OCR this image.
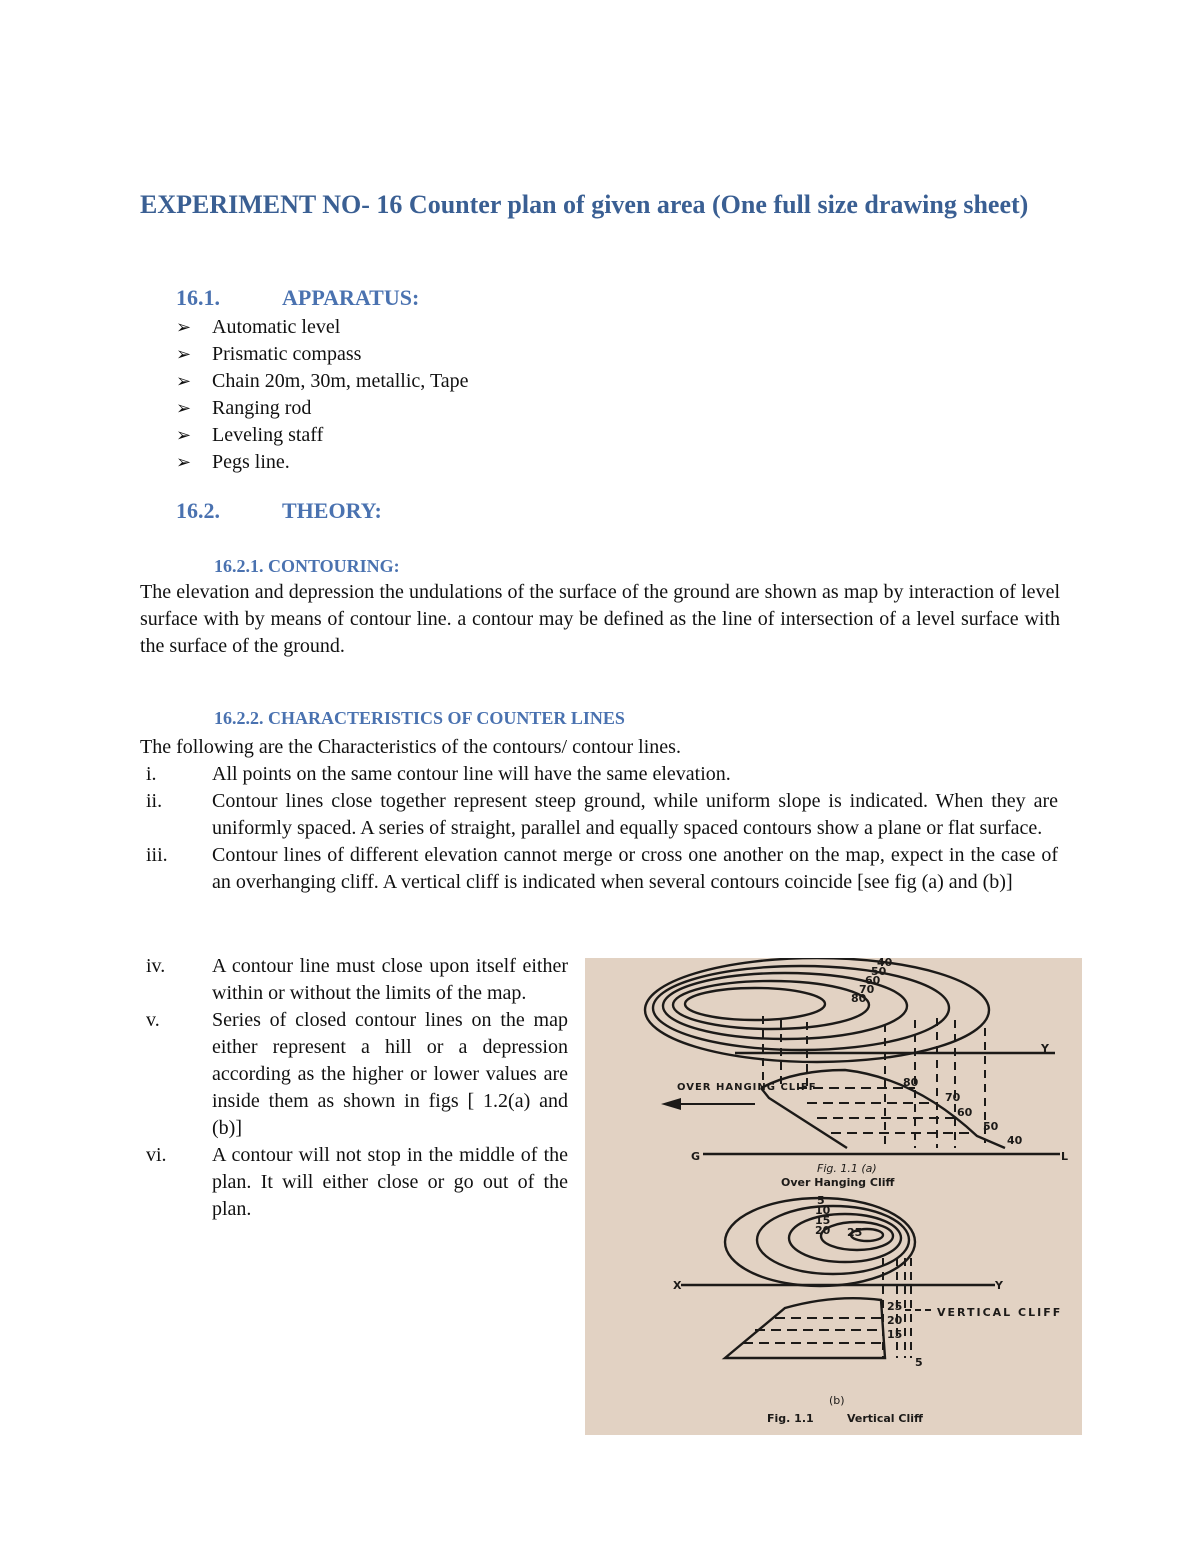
EXPERIMENT NO- 16 Counter plan of given area (One full size drawing sheet)
16.1.	APPARATUS:
➢ Automatic level
➢ Prismatic compass
➢ Chain 20m, 30m, metallic, Tape
➢ Ranging rod
➢ Leveling staff
➢ Pegs line.
16.2.	THEORY:
16.2.1. CONTOURING:
The elevation and depression the undulations of the surface of the ground are shown as map by interaction of level surface with by means of contour line. a contour may be defined as the line of intersection of a level surface with the surface of the ground.
16.2.2. CHARACTERISTICS OF COUNTER LINES
The following are the Characteristics of the contours/ contour lines.
i.	All points on the same contour line will have the same elevation.
ii.	Contour lines close together represent steep ground, while uniform slope is indicated. When they are uniformly spaced. A series of straight, parallel and equally spaced contours show a plane or flat surface.
iii.	Contour lines of different elevation cannot merge or cross one another on the map, expect in the case of an overhanging cliff. A vertical cliff is indicated when several contours coincide [see fig (a) and (b)]
iv.	A contour line must close upon itself either within or without the limits of the map.
v.	Series of closed contour lines on the map either represent a hill or a depression according as the higher or lower values are inside them as shown in figs [ 1.2(a) and (b)]
vi.	A contour will not stop in the middle of the plan. It will either close or go out of the plan.
40
50
60
70
80
Y
80
70
60
50
40
OVER HANGING CLIFF
G	L
Fig. 1.1 (a)
Over Hanging Cliff
5
10
15
20 25
X	Y
25
20
15
5
VERTICAL CLIFF
(b)
Fig. 1.1	Vertical Cliff
